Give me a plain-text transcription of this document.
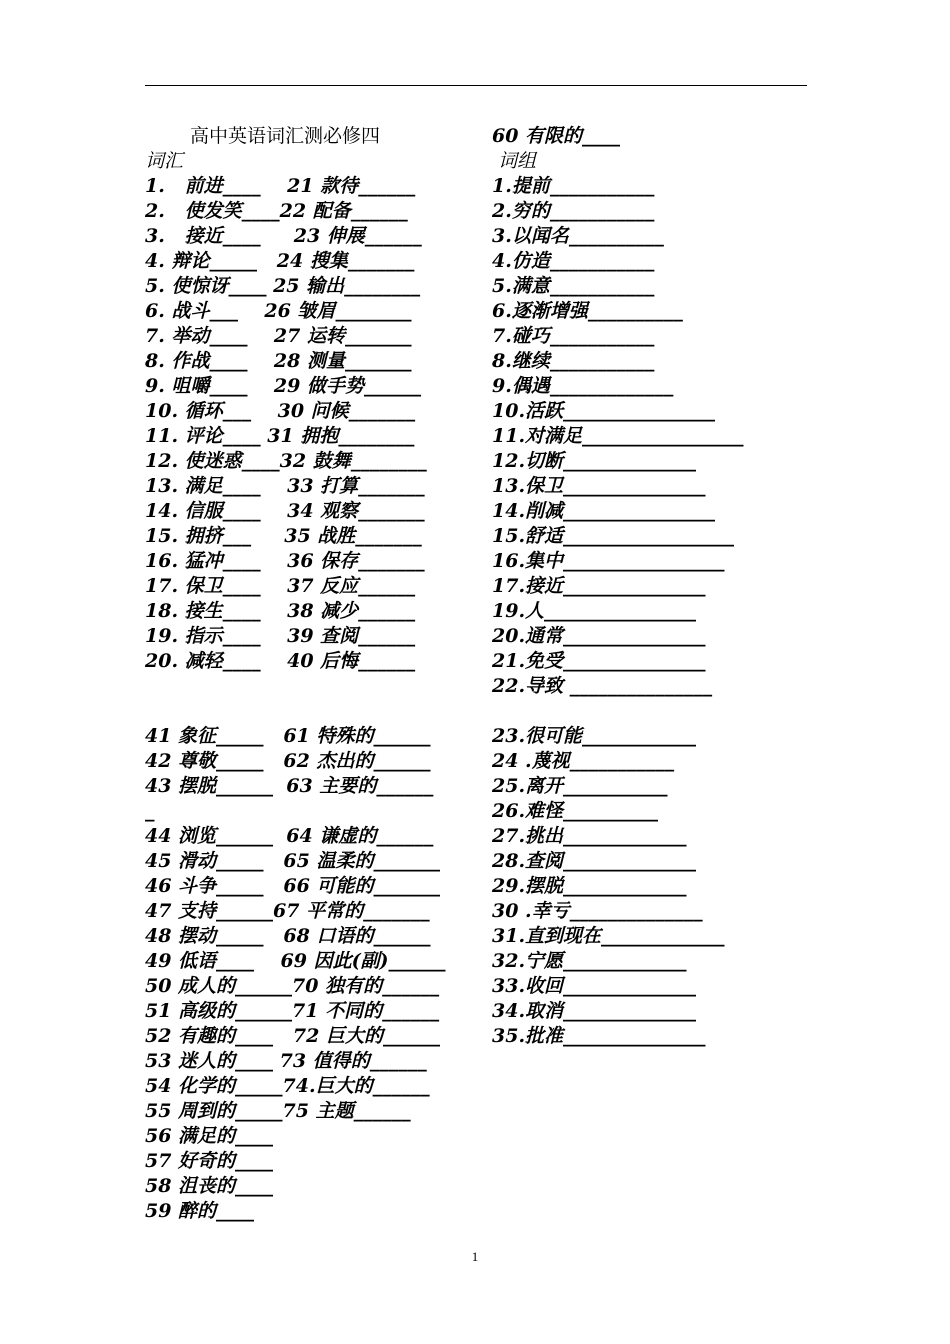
高中英语词汇测必修四
词汇
1.   前进____    21 款待______
2.   使发笑____22 配备______
3.   接近____     23 伸展______
4. 辩论_____   24 搜集_______
5. 使惊讶____ 25 输出________
6. 战斗___    26 皱眉________
7. 举动____    27 运转_______
8. 作战____    28 测量_______
9. 咀嚼____    29 做手势______
10. 循环___    30 问候_______
11. 评论____ 31 拥抱________
12. 使迷惑____32 鼓舞________
13. 满足____    33 打算_______
14. 信服____    34 观察_______
15. 拥挤___     35 战胜_______
16. 猛冲____    36 保存_______
17. 保卫____    37 反应______
18. 接生____    38 减少______
19. 指示____    39 查阅______
20. 减轻____    40 后悔______
41 象征_____   61 特殊的______
42 尊敬_____   62 杰出的______
43 摆脱______  63 主要的______
_
44 浏览______  64 谦虚的______
45 滑动_____   65 温柔的_______
46 斗争_____   66 可能的_______
47 支持______67 平常的_______
48 摆动_____   68 口语的______
49 低语____    69 因此(副)______
50 成人的______70 独有的______
51 高级的______71 不同的______
52 有趣的____   72 巨大的______
53 迷人的____ 73 值得的______
54 化学的_____74.巨大的______
55 周到的_____75 主题______
56 满足的____
57 好奇的____
58 沮丧的____
59 醉的____
60 有限的____
词组
1.提前___________
2.穷的___________
3.以闻名__________
4.仿造___________
5.满意___________
6.逐渐增强__________
7.碰巧___________
8.继续___________
9.偶遇_____________
10.活跃________________
11.对满足_________________
12.切断______________
13.保卫_______________
14.削减________________
15.舒适__________________
16.集中_________________
17.接近_______________
19.人________________
20.通常_______________
21.免受_______________
22.导致 _______________
23.很可能____________
24 .蔑视___________
25.离开___________
26.难怪__________
27.挑出_____________
28.查阅______________
29.摆脱_____________
30 .幸亏______________
31.直到现在_____________
32.宁愿_____________
33.收回______________
34.取消______________
35.批准_______________
1
